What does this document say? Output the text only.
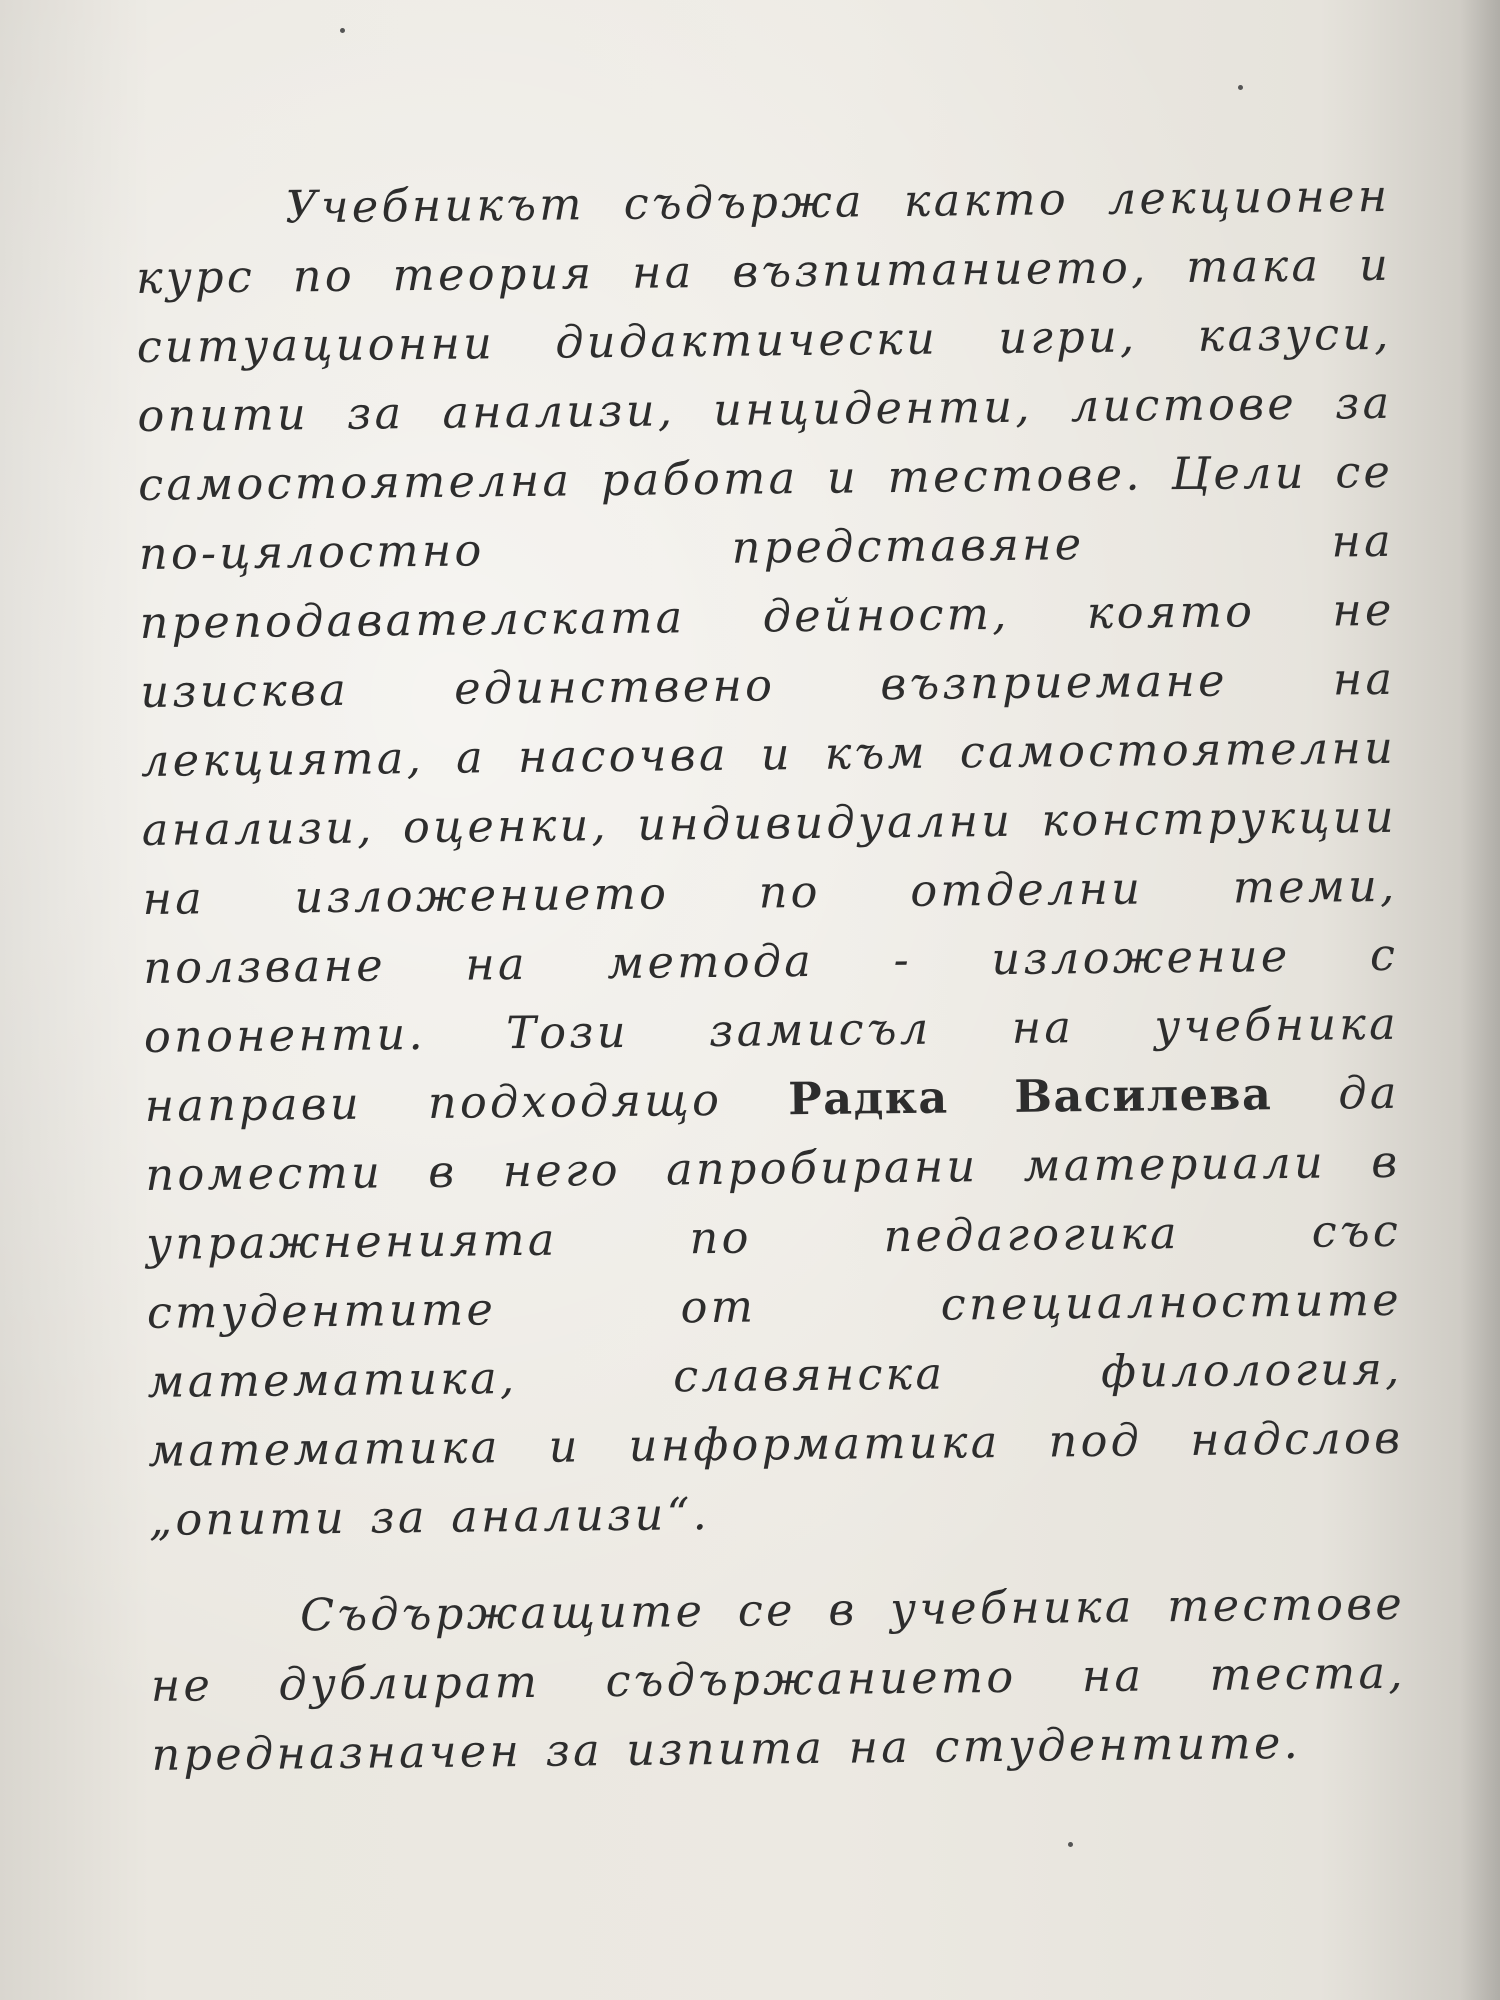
Учебникът съдържа както лекционен курс по теория на възпитанието, така и ситуационни дидактически игри, казуси, опити за анализи, инциденти, листове за самостоятелна работа и тестове. Цели се по-цялостно представяне на преподавателската дейност, която не изисква единствено възприемане на лекцията, а насочва и към самостоятелни анализи, оценки, индивидуални конструкции на изложението по отделни теми, ползване на метода - изложение с опоненти. Този замисъл на учебника направи подходящо Радка Василева да помести в него апробирани материали в упражненията по педагогика със студентите от специалностите математика, славянска филология, математика и информатика под надслов „опити за анализи“.

Съдържащите се в учебника тестове не дублират съдържанието на теста, предназначен за изпита на студентите.
